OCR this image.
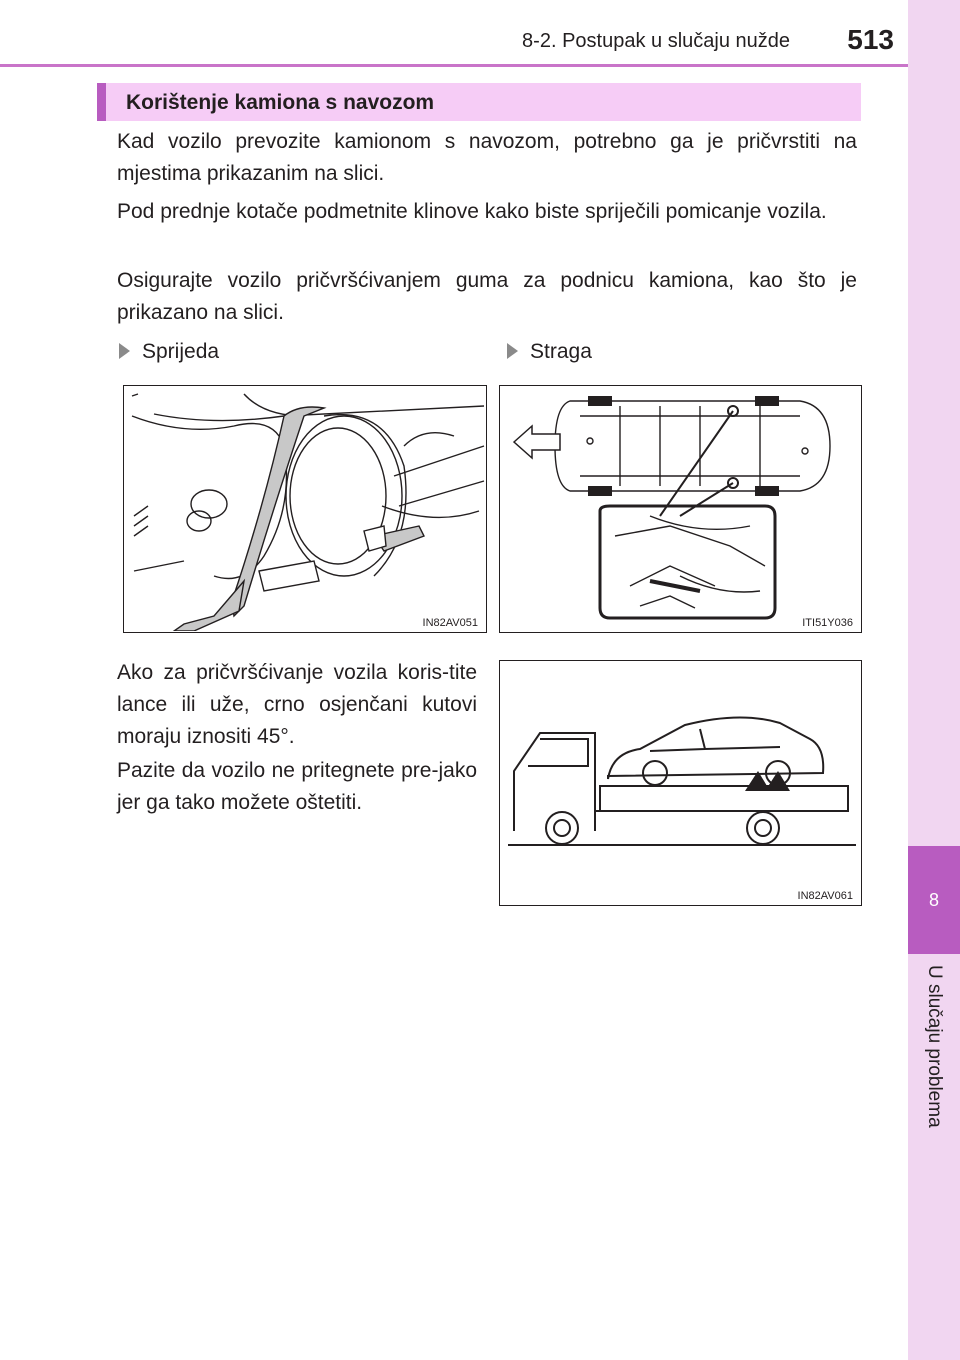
8-2. Postupak u slučaju nužde	513
8
U slučaju problema
Korištenje kamiona s navozom

Kad vozilo prevozite kamionom s navozom, potrebno ga je pričvrstiti na mjestima prikazanim na slici.

Pod prednje kotače podmetnite klinove kako biste spriječili pomicanje vozila.

Osigurajte vozilo pričvršćivanjem guma za podnicu kamiona, kao što je prikazano na slici.

Sprijeda	Straga
IN82AV051	ITI51Y036

Ako za pričvršćivanje vozila koris-tite lance ili uže, crno osjenčani kutovi moraju iznositi 45°.

Pazite da vozilo ne pritegnete pre-jako jer ga tako možete oštetiti.

IN82AV061
